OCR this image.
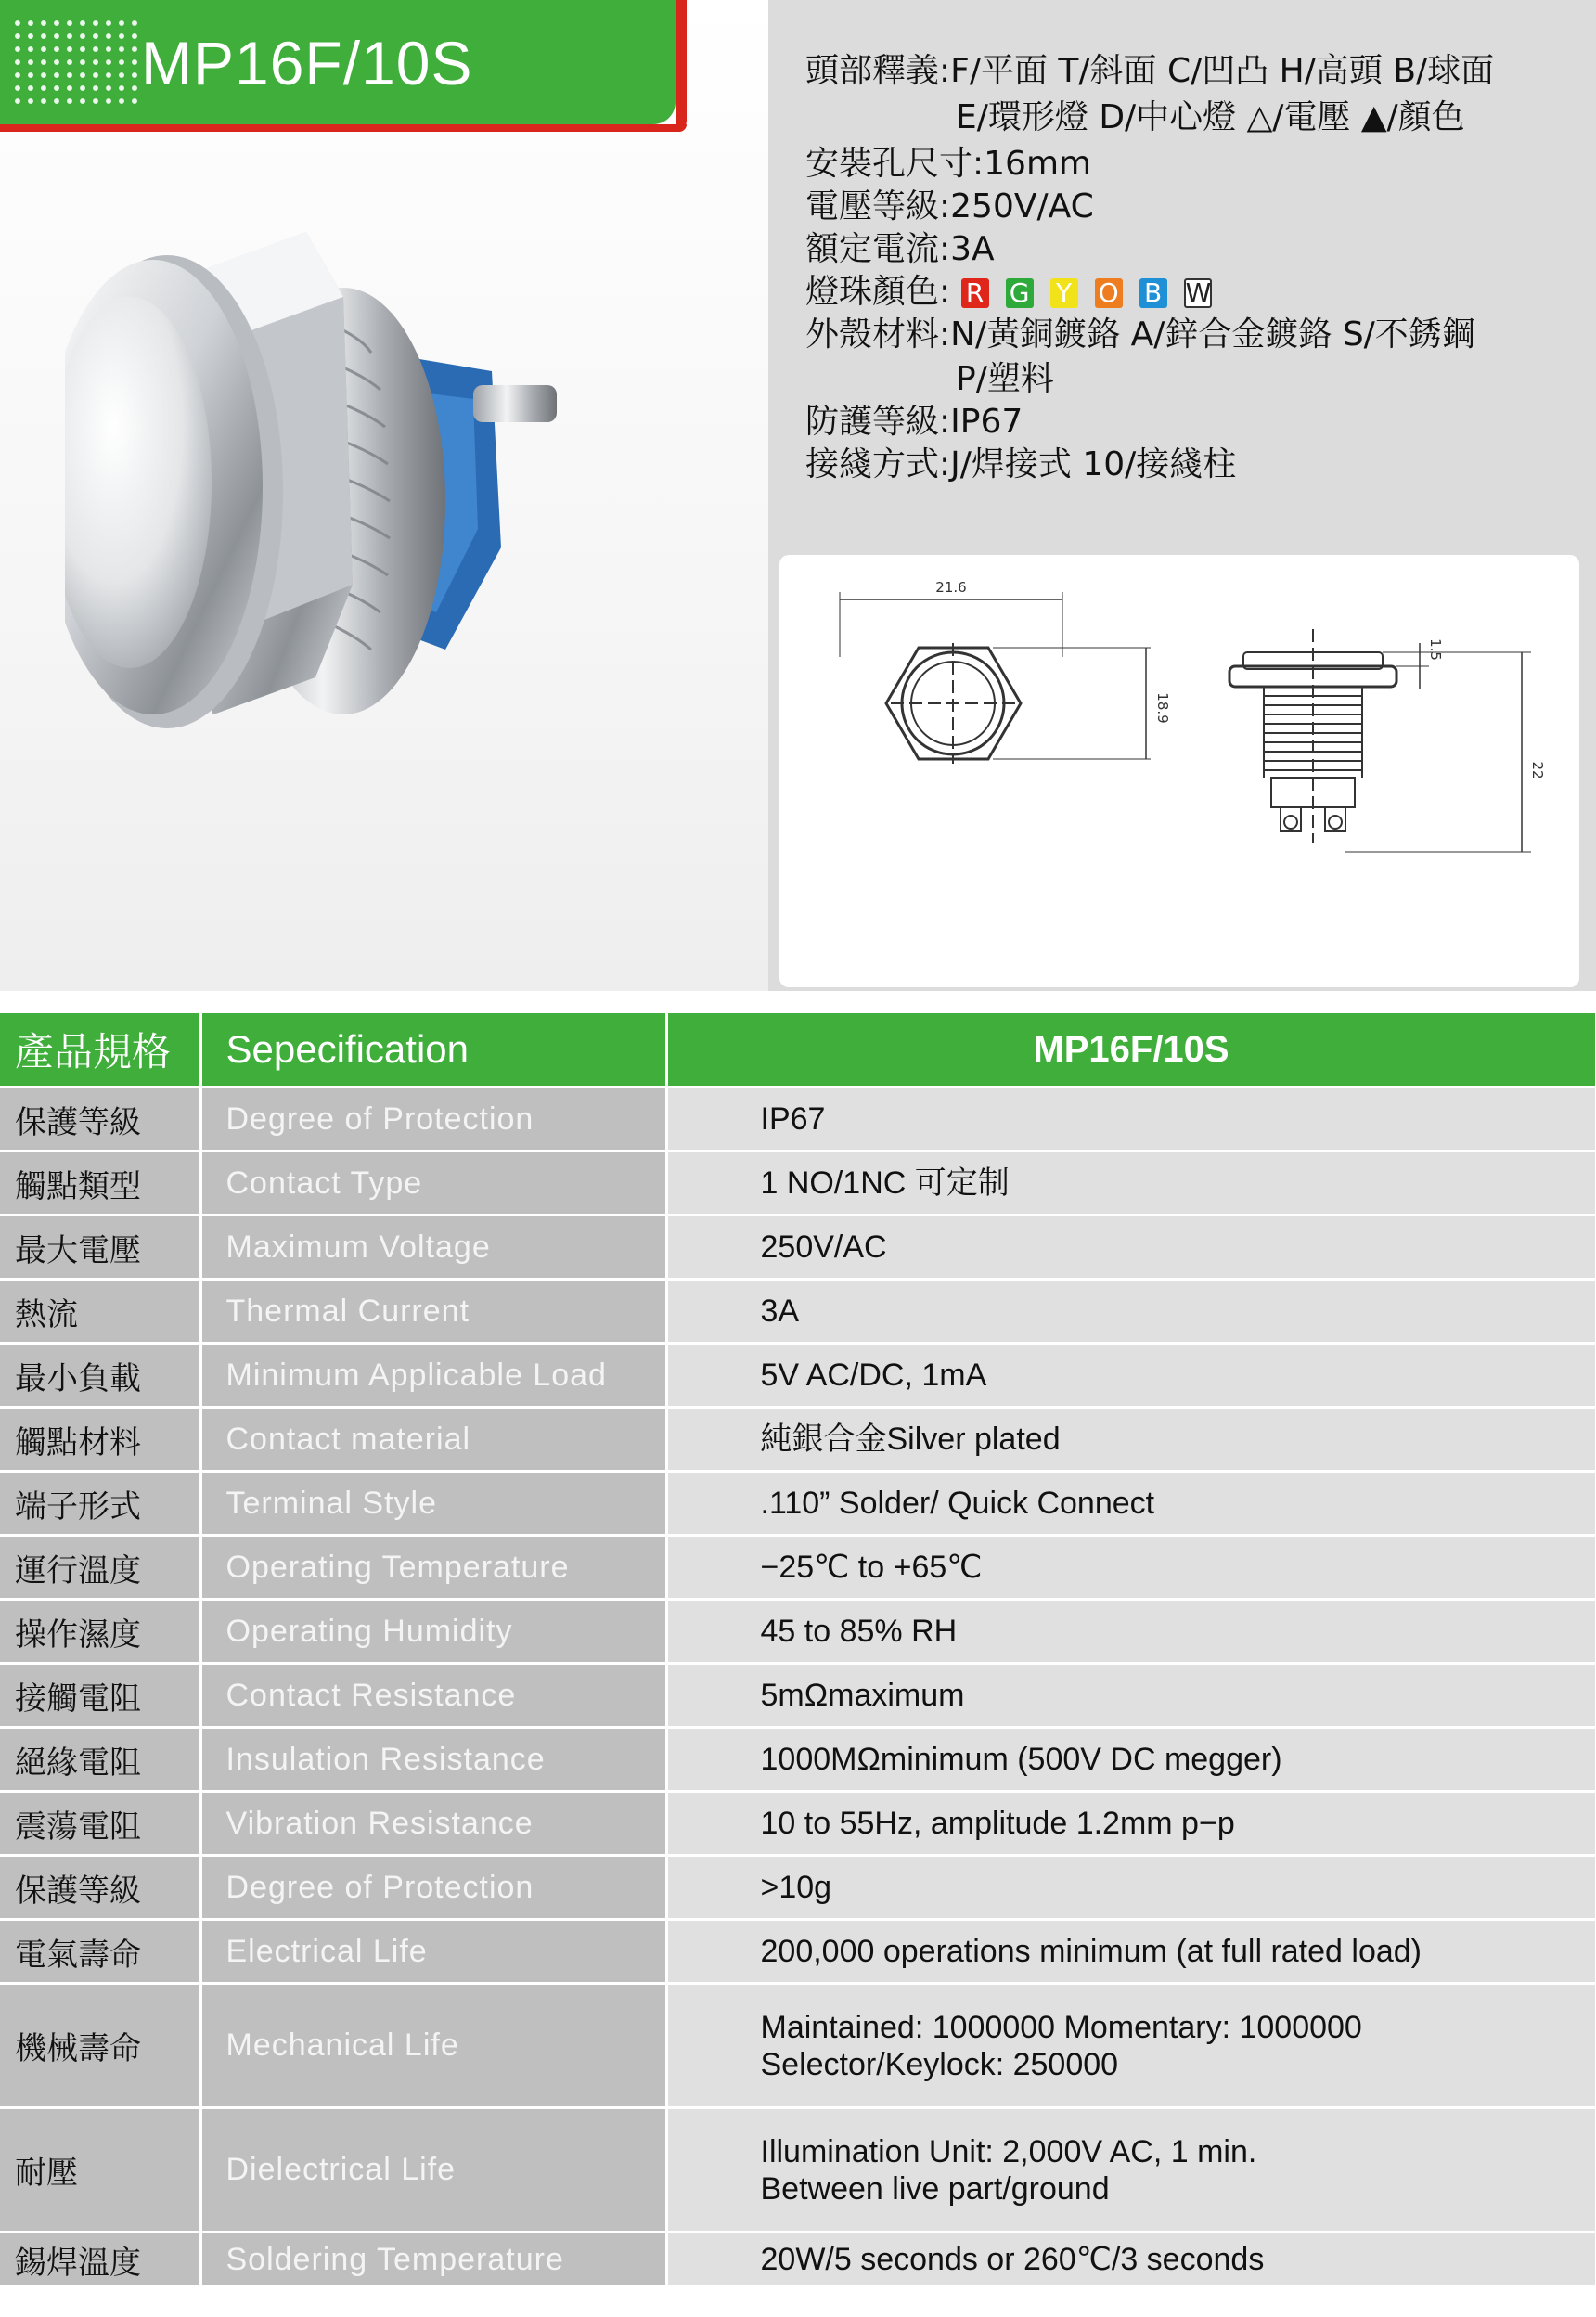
MP16F/10S	頭部釋義:F/平面 T/斜面 C/凹凸 H/高頭 B/球面
E/環形燈 D/中心燈 △/電壓 ▲/顏色
安裝孔尺寸:16mm
電壓等級:250V/AC
額定電流:3A
燈珠顏色: R G Y O B W
外殼材料:N/黃銅鍍鉻 A/鋅合金鍍鉻 S/不銹鋼
P/塑料
防護等級:IP67
接綫方式:J/焊接式 10/接綫柱
21.6
18.9
1.5
22
產品規格	Sepecification	MP16F/10S
保護等級	Degree of Protection	IP67

觸點類型	Contact Type	1 NO/1NC 可定制

最大電壓	Maximum Voltage	250V/AC

熱流	Thermal Current	3A

最小負載	Minimum Applicable Load	5V AC/DC, 1mA

觸點材料	Contact material	純銀合金Silver plated

端子形式	Terminal Style	.110” Solder/ Quick Connect

運行溫度	Operating Temperature	−25℃ to +65℃

操作濕度	Operating Humidity	45 to 85% RH

接觸電阻	Contact Resistance	5mΩmaximum

絕緣電阻	Insulation Resistance	1000MΩminimum (500V DC megger)

震蕩電阻	Vibration Resistance	10 to 55Hz, amplitude 1.2mm p−p

保護等級	Degree of Protection	>10g

電氣壽命	Electrical Life	200,000 operations minimum (at full rated load)

機械壽命	Mechanical Life	Maintained: 1000000 Momentary: 1000000
Selector/Keylock: 250000

耐壓	Dielectrical Life	Illumination Unit: 2,000V AC, 1 min.
Between live part/ground

錫焊溫度	Soldering Temperature	20W/5 seconds or 260℃/3 seconds
